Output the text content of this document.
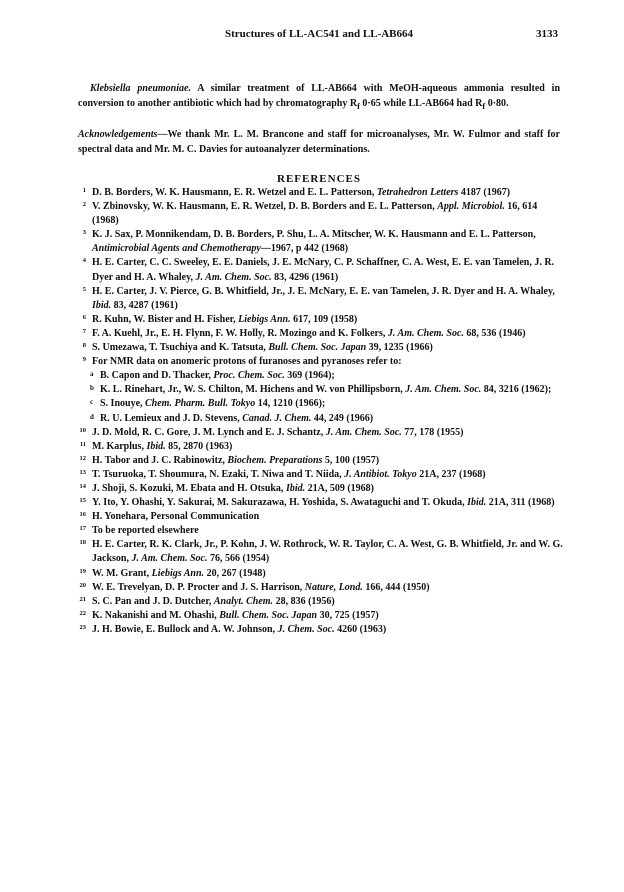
Structures of LL-AC541 and LL-AB664	3133
Klebsiella pneumoniae. A similar treatment of LL-AB664 with MeOH-aqueous ammonia resulted in conversion to another antibiotic which had by chromatography $R_f$ 0·65 while LL-AB664 had $R_f$ 0·80.
Acknowledgements—We thank Mr. L. M. Brancone and staff for microanalyses, Mr. W. Fulmor and staff for spectral data and Mr. M. C. Davies for autoanalyzer determinations.
REFERENCES
1 D. B. Borders, W. K. Hausmann, E. R. Wetzel and E. L. Patterson, Tetrahedron Letters 4187 (1967)
2 V. Zbinovsky, W. K. Hausmann, E. R. Wetzel, D. B. Borders and E. L. Patterson, Appl. Microbiol. 16, 614 (1968)
3 K. J. Sax, P. Monnikendam, D. B. Borders, P. Shu, L. A. Mitscher, W. K. Hausmann and E. L. Patterson, Antimicrobial Agents and Chemotherapy—1967, p 442 (1968)
4 H. E. Carter, C. C. Sweeley, E. E. Daniels, J. E. McNary, C. P. Schaffner, C. A. West, E. E. van Tamelen, J. R. Dyer and H. A. Whaley, J. Am. Chem. Soc. 83, 4296 (1961)
5 H. E. Carter, J. V. Pierce, G. B. Whitfield, Jr., J. E. McNary, E. E. van Tamelen, J. R. Dyer and H. A. Whaley, Ibid. 83, 4287 (1961)
6 R. Kuhn, W. Bister and H. Fisher, Liebigs Ann. 617, 109 (1958)
7 F. A. Kuehl, Jr., E. H. Flynn, F. W. Holly, R. Mozingo and K. Folkers, J. Am. Chem. Soc. 68, 536 (1946)
8 S. Umezawa, T. Tsuchiya and K. Tatsuta, Bull. Chem. Soc. Japan 39, 1235 (1966)
9 For NMR data on anomeric protons of furanoses and pyranoses refer to:
a B. Capon and D. Thacker, Proc. Chem. Soc. 369 (1964);
b K. L. Rinehart, Jr., W. S. Chilton, M. Hichens and W. von Phillipsborn, J. Am. Chem. Soc. 84, 3216 (1962);
c S. Inouye, Chem. Pharm. Bull. Tokyo 14, 1210 (1966);
d R. U. Lemieux and J. D. Stevens, Canad. J. Chem. 44, 249 (1966)
10 J. D. Mold, R. C. Gore, J. M. Lynch and E. J. Schantz, J. Am. Chem. Soc. 77, 178 (1955)
11 M. Karplus, Ibid. 85, 2870 (1963)
12 H. Tabor and J. C. Rabinowitz, Biochem. Preparations 5, 100 (1957)
13 T. Tsuruoka, T. Shoumura, N. Ezaki, T. Niwa and T. Niida, J. Antibiot. Tokyo 21A, 237 (1968)
14 J. Shoji, S. Kozuki, M. Ebata and H. Otsuka, Ibid. 21A, 509 (1968)
15 Y. Ito, Y. Ohashi, Y. Sakurai, M. Sakurazawa, H. Yoshida, S. Awataguchi and T. Okuda, Ibid. 21A, 311 (1968)
16 H. Yonehara, Personal Communication
17 To be reported elsewhere
18 H. E. Carter, R. K. Clark, Jr., P. Kohn, J. W. Rothrock, W. R. Taylor, C. A. West, G. B. Whitfield, Jr. and W. G. Jackson, J. Am. Chem. Soc. 76, 566 (1954)
19 W. M. Grant, Liebigs Ann. 20, 267 (1948)
20 W. E. Trevelyan, D. P. Procter and J. S. Harrison, Nature, Lond. 166, 444 (1950)
21 S. C. Pan and J. D. Dutcher, Analyt. Chem. 28, 836 (1956)
22 K. Nakanishi and M. Ohashi, Bull. Chem. Soc. Japan 30, 725 (1957)
23 J. H. Bowie, E. Bullock and A. W. Johnson, J. Chem. Soc. 4260 (1963)
